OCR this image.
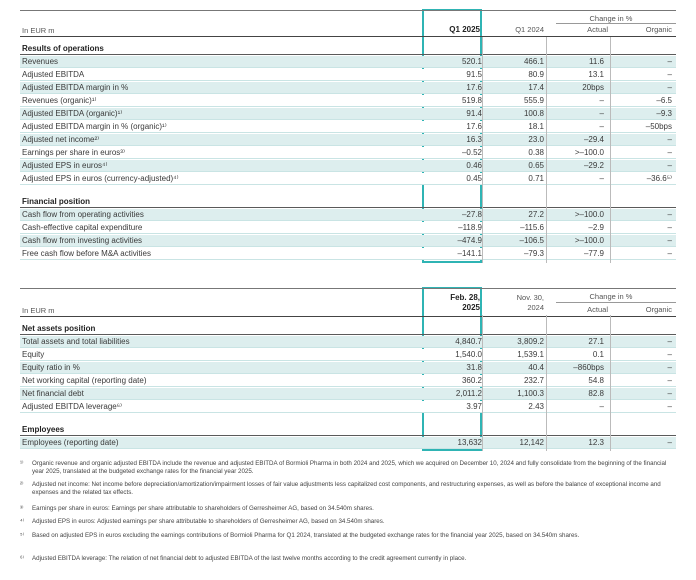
In EUR m	Q1 2025	Q1 2024
Change in %
Actual	Organic
Results of operations
Revenues	520.1	466.1	11.6	–
Adjusted EBITDA	91.5	80.9	13.1	–
Adjusted EBITDA margin in %	17.6	17.4	20bps	–
Revenues (organic)¹⁾	519.8	555.9	–	–6.5
Adjusted EBITDA (organic)¹⁾	91.4	100.8	–	–9.3
Adjusted EBITDA margin in % (organic)¹⁾	17.6	18.1	–	–50bps
Adjusted net income²⁾	16.3	23.0	–29.4	–
Earnings per share in euros³⁾	–0.52	0.38	>–100.0	–
Adjusted EPS in euros⁴⁾	0.46	0.65	–29.2	–
Adjusted EPS in euros (currency-adjusted)⁴⁾	0.45	0.71	–	–36.6⁵⁾
Financial position
Cash flow from operating activities	–27.8	27.2	>–100.0	–
Cash-effective capital expenditure	–118.9	–115.6	–2.9	–
Cash flow from investing activities	–474.9	–106.5	>–100.0	–
Free cash flow before M&A activities	–141.1	–79.3	–77.9	–
In EUR m
Feb. 28,
2025
Nov. 30,
2024
Change in %
Actual	Organic
Net assets position
Total assets and total liabilities	4,840.7	3,809.2	27.1	–
Equity	1,540.0	1,539.1	0.1	–
Equity ratio in %	31.8	40.4	–860bps	–
Net working capital (reporting date)	360.2	232.7	54.8	–
Net financial debt	2,011.2	1,100.3	82.8	–
Adjusted EBITDA leverage⁶⁾	3.97	2.43	–	–
Employees
Employees (reporting date)	13,632	12,142	12.3	–
¹⁾ Organic revenue and organic adjusted EBITDA include the revenue and adjusted EBITDA of Bormioli Pharma in both 2024 and 2025, which we acquired on December 10, 2024 and fully consolidate from the beginning of the financial year 2025, translated at the budgeted exchange rates for the financial year 2025.
²⁾ Adjusted net income: Net income before depreciation/amortization/impairment losses of fair value adjustments less capitalized cost components, and restructuring expenses, as well as before the balance of exceptional income and expenses and the related tax effects.
³⁾ Earnings per share in euros: Earnings per share attributable to shareholders of Gerresheimer AG, based on 34.540m shares.
⁴⁾ Adjusted EPS in euros: Adjusted earnings per share attributable to shareholders of Gerresheimer AG, based on 34.540m shares.
⁵⁾ Based on adjusted EPS in euros excluding the earnings contributions of Bormioli Pharma for Q1 2024, translated at the budgeted exchange rates for the financial year 2025, based on 34.540m shares.
⁶⁾ Adjusted EBITDA leverage: The relation of net financial debt to adjusted EBITDA of the last twelve months according to the credit agreement currently in place.
